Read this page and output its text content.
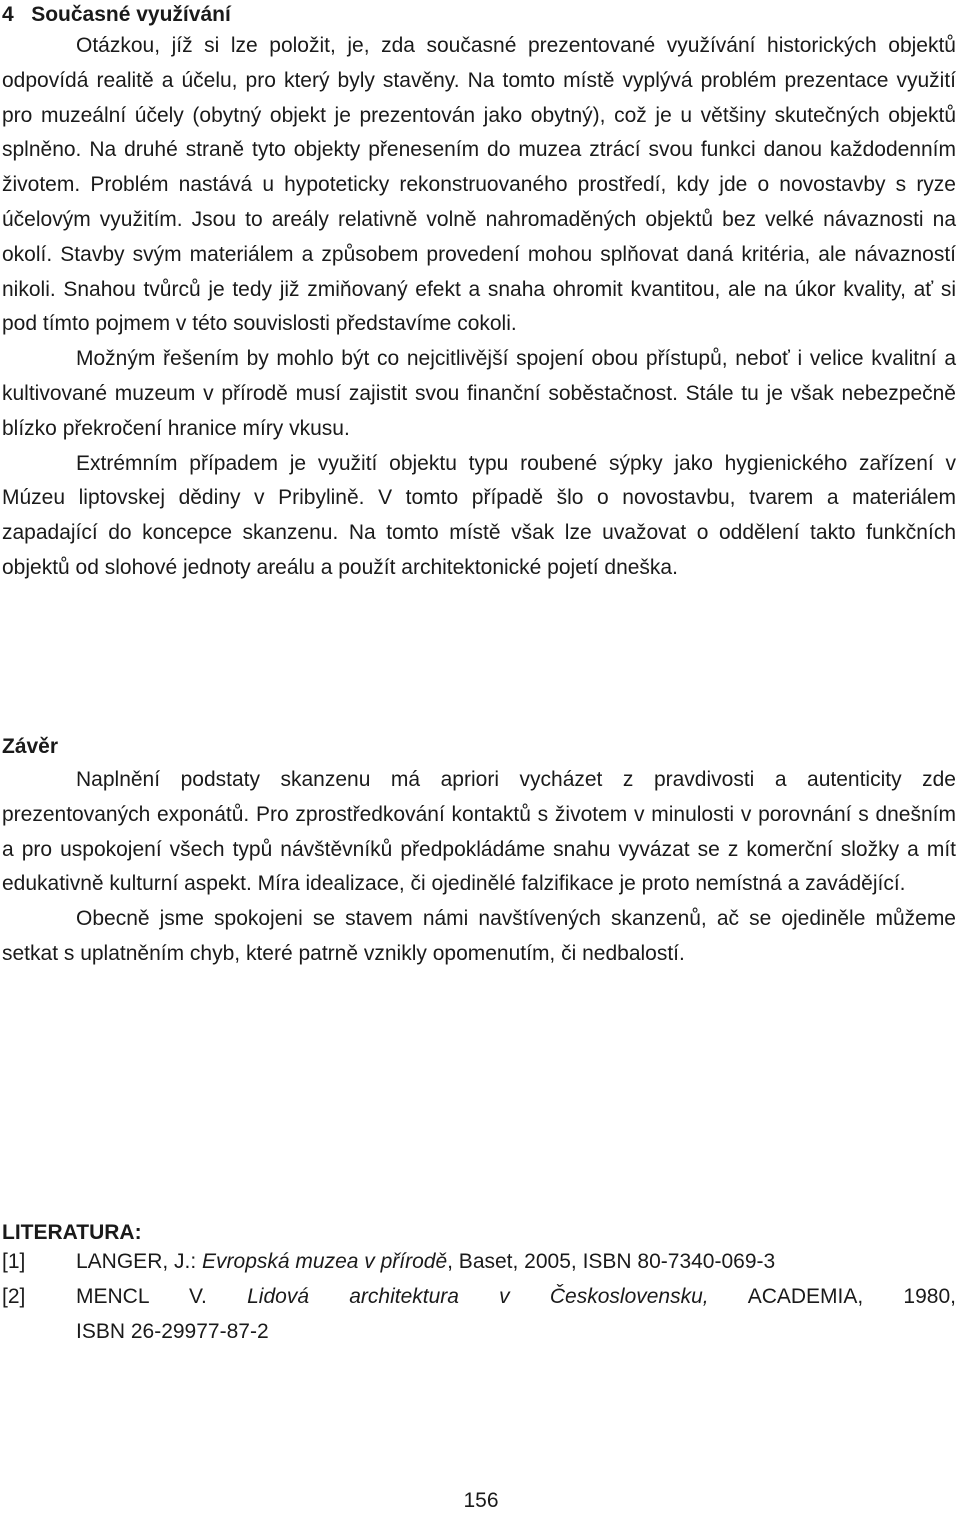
4 Současné využívání

Otázkou, jíž si lze položit, je, zda současné prezentované využívání historických objektů odpovídá realitě a účelu, pro který byly stavěny. Na tomto místě vyplývá problém prezentace využití pro muzeální účely (obytný objekt je prezentován jako obytný), což je u většiny skutečných objektů splněno. Na druhé straně tyto objekty přenesením do muzea ztrácí svou funkci danou každodenním životem. Problém nastává u hypoteticky rekonstruovaného prostředí, kdy jde o novostavby s ryze účelovým využitím. Jsou to areály relativně volně nahromaděných objektů bez velké návaznosti na okolí. Stavby svým materiálem a způsobem provedení mohou splňovat daná kritéria, ale návazností nikoli. Snahou tvůrců je tedy již zmiňovaný efekt a snaha ohromit kvantitou, ale na úkor kvality, ať si pod tímto pojmem v této souvislosti představíme cokoli.

Možným řešením by mohlo být co nejcitlivější spojení obou přístupů, neboť i velice kvalitní a kultivované muzeum v přírodě musí zajistit svou finanční soběstačnost. Stále tu je však nebezpečně blízko překročení hranice míry vkusu.

Extrémním případem je využití objektu typu roubené sýpky jako hygienického zařízení v Múzeu liptovskej dědiny v Pribylině. V tomto případě šlo o novostavbu, tvarem a materiálem zapadající do koncepce skanzenu. Na tomto místě však lze uvažovat o oddělení takto funkčních objektů od slohové jednoty areálu a použít architektonické pojetí dneška.

Závěr

Naplnění podstaty skanzenu má apriori vycházet z pravdivosti a autenticity zde prezentovaných exponátů. Pro zprostředkování kontaktů s životem v minulosti v porovnání s dnešním a pro uspokojení všech typů návštěvníků předpokládáme snahu vyvázat se z komerční složky a mít edukativně kulturní aspekt. Míra idealizace, či ojedinělé falzifikace je proto nemístná a zavádějící.

Obecně jsme spokojeni se stavem námi navštívených skanzenů, ač se ojediněle můžeme setkat s uplatněním chyb, které patrně vznikly opomenutím, či nedbalostí.

LITERATURA:
[1]	LANGER, J.: Evropská muzea v přírodě, Baset, 2005, ISBN 80-7340-069-3
[2]	MENCL V. Lidová architektura v Československu, ACADEMIA, 1980,
ISBN 26-29977-87-2
156
